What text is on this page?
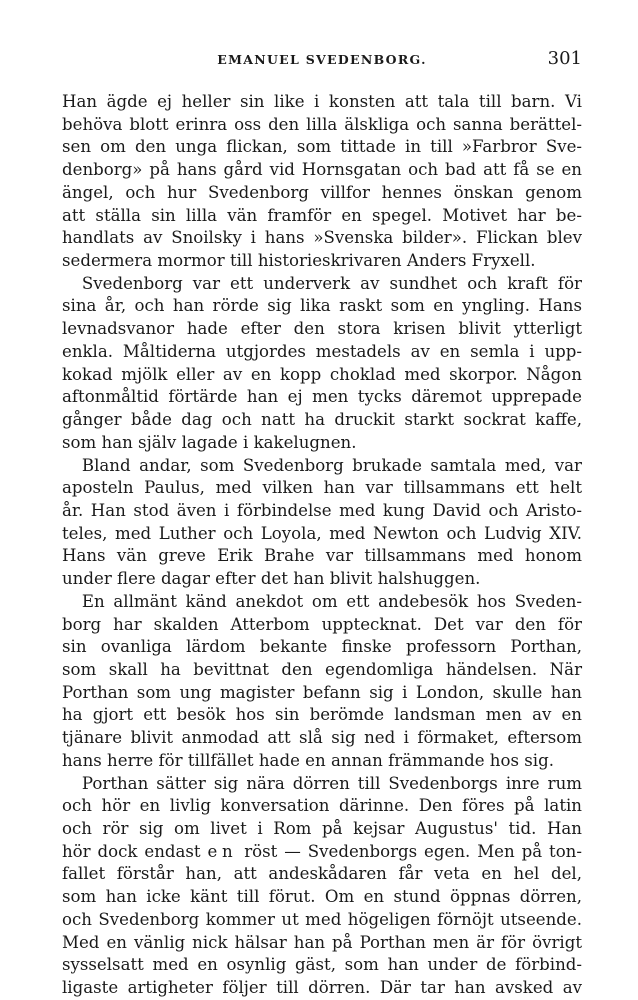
EMANUEL SVEDENBORG.	301
Han ägde ej heller sin like i konsten att tala till barn. Vi
behöva blott erinra oss den lilla älskliga och sanna berättel-
sen om den unga flickan, som tittade in till »Farbror Sve-
denborg» på hans gård vid Hornsgatan och bad att få se en
ängel, och hur Svedenborg villfor hennes önskan genom
att ställa sin lilla vän framför en spegel. Motivet har be-
handlats av Snoilsky i hans »Svenska bilder». Flickan blev
sedermera mormor till historieskrivaren Anders Fryxell.
Svedenborg var ett underverk av sundhet och kraft för
sina år, och han rörde sig lika raskt som en yngling. Hans
levnadsvanor hade efter den stora krisen blivit ytterligt
enkla. Måltiderna utgjordes mestadels av en semla i upp-
kokad mjölk eller av en kopp choklad med skorpor. Någon
aftonmåltid förtärde han ej men tycks däremot upprepade
gånger både dag och natt ha druckit starkt sockrat kaffe,
som han själv lagade i kakelugnen.
Bland andar, som Svedenborg brukade samtala med, var
aposteln Paulus, med vilken han var tillsammans ett helt
år. Han stod även i förbindelse med kung David och Aristo-
teles, med Luther och Loyola, med Newton och Ludvig XIV.
Hans vän greve Erik Brahe var tillsammans med honom
under flere dagar efter det han blivit halshuggen.
En allmänt känd anekdot om ett andebesök hos Sveden-
borg har skalden Atterbom upptecknat. Det var den för
sin ovanliga lärdom bekante finske professorn Porthan,
som skall ha bevittnat den egendomliga händelsen. När
Porthan som ung magister befann sig i London, skulle han
ha gjort ett besök hos sin berömde landsman men av en
tjänare blivit anmodad att slå sig ned i förmaket, eftersom
hans herre för tillfället hade en annan främmande hos sig.
Porthan sätter sig nära dörren till Svedenborgs inre rum
och hör en livlig konversation därinne. Den föres på latin
och rör sig om livet i Rom på kejsar Augustus' tid. Han
hör dock endast en röst — Svedenborgs egen. Men på ton-
fallet förstår han, att andeskådaren får veta en hel del,
som han icke känt till förut. Om en stund öppnas dörren,
och Svedenborg kommer ut med högeligen förnöjt utseende.
Med en vänlig nick hälsar han på Porthan men är för övrigt
sysselsatt med en osynlig gäst, som han under de förbind-
ligaste artigheter följer till dörren. Där tar han avsked av
